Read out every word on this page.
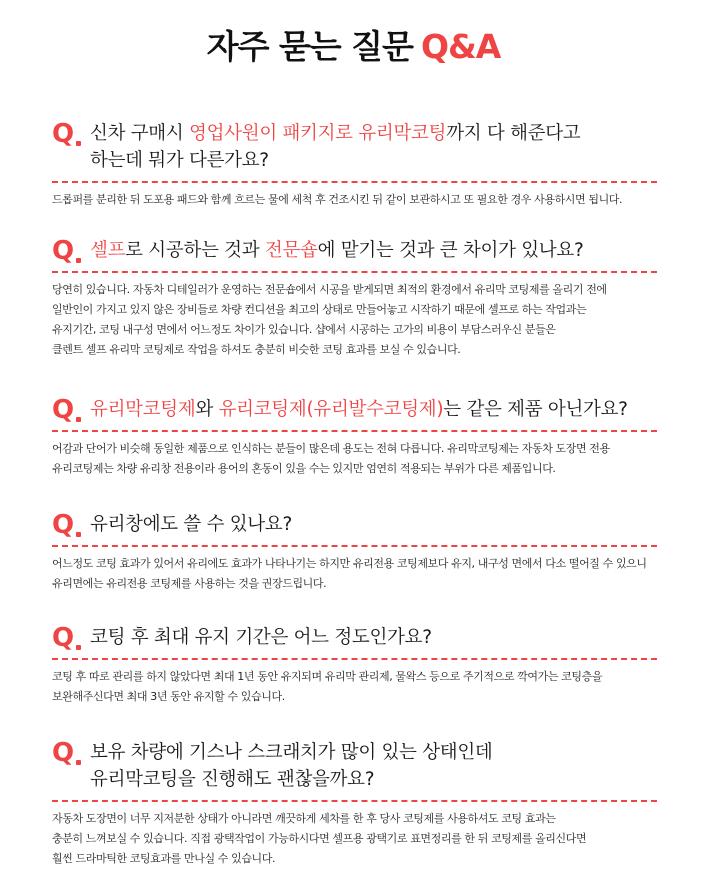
자주 묻는 질문 Q&A
Q 신차 구매시 영업사원이 패키지로 유리막코팅까지 다 해준다고
하는데 뭐가 다른가요?
드롭퍼를 분리한 뒤 도포용 패드와 함께 흐르는 물에 세척 후 건조시킨 뒤 같이 보관하시고 또 필요한 경우 사용하시면 됩니다.
Q 셀프로 시공하는 것과 전문숍에 맡기는 것과 큰 차이가 있나요?
당연히 있습니다. 자동차 디테일러가 운영하는 전문숍에서 시공을 받게되면 최적의 환경에서 유리막 코팅제를 올리기 전에
일반인이 가지고 있지 않은 장비들로 차량 컨디션을 최고의 상태로 만들어놓고 시작하기 때문에 셀프로 하는 작업과는
유지기간, 코팅 내구성 면에서 어느정도 차이가 있습니다. 샵에서 시공하는 고가의 비용이 부담스러우신 분들은
클렌트 셀프 유리막 코팅제로 작업을 하셔도 충분히 비슷한 코팅 효과를 보실 수 있습니다.
Q 유리막코팅제와 유리코팅제(유리발수코팅제)는 같은 제품 아닌가요?
어감과 단어가 비슷해 동일한 제품으로 인식하는 분들이 많은데 용도는 전혀 다릅니다. 유리막코팅제는 자동차 도장면 전용
유리코팅제는 차량 유리창 전용이라 용어의 혼동이 있을 수는 있지만 엄연히 적용되는 부위가 다른 제품입니다.
Q 유리창에도 쓸 수 있나요?
어느정도 코팅 효과가 있어서 유리에도 효과가 나타나기는 하지만 유리전용 코팅제보다 유지, 내구성 면에서 다소 떨어질 수 있으니
유리면에는 유리전용 코팅제를 사용하는 것을 권장드립니다.
Q 코팅 후 최대 유지 기간은 어느 정도인가요?
코팅 후 따로 관리를 하지 않았다면 최대 1년 동안 유지되며 유리막 관리제, 물왁스 등으로 주기적으로 깍여가는 코팅층을
보완해주신다면 최대 3년 동안 유지할 수 있습니다.
Q 보유 차량에 기스나 스크래치가 많이 있는 상태인데
유리막코팅을 진행해도 괜찮을까요?
자동차 도장면이 너무 지저분한 상태가 아니라면 깨끗하게 세차를 한 후 당사 코팅제를 사용하셔도 코팅 효과는
충분히 느껴보실 수 있습니다. 직접 광택작업이 가능하시다면 셀프용 광택기로 표면정리를 한 뒤 코팅제를 올리신다면
훨씬 드라마틱한 코팅효과를 만나실 수 있습니다.
